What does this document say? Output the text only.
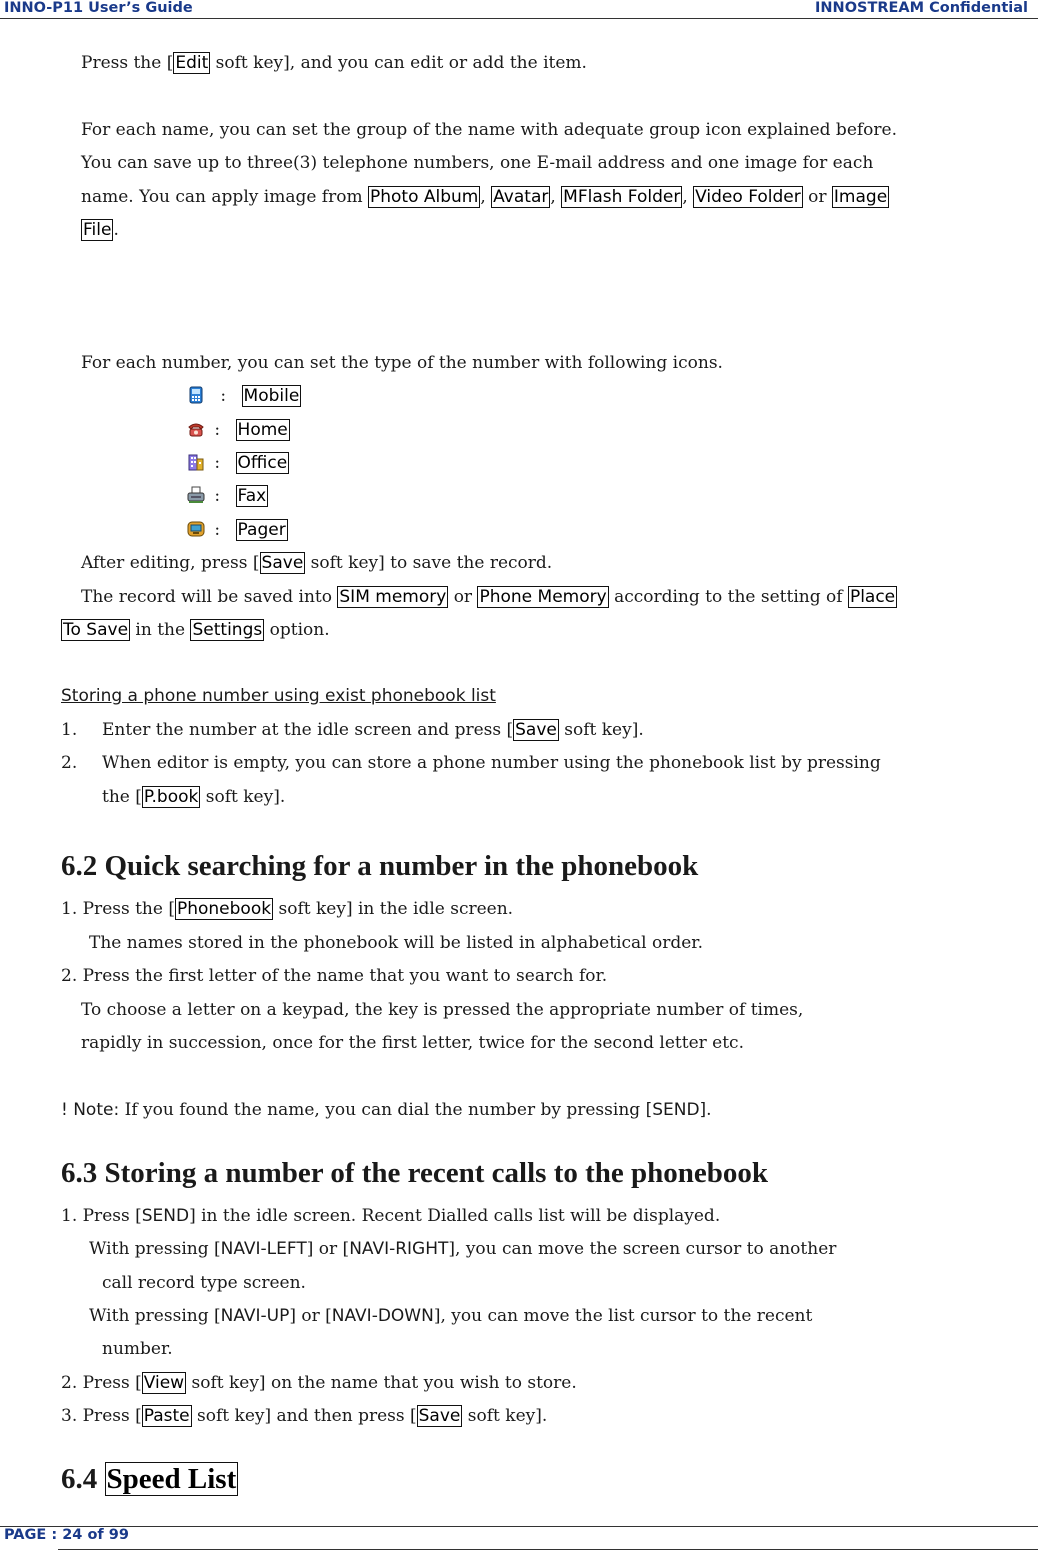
INNO-P11 User’s Guide	INNOSTREAM Confidential
Press the [ Edit soft key], and you can edit or add the item.
For each name, you can set the group of the name with adequate group icon explained before.
You can save up to three(3) telephone numbers, one E-mail address and one image for each
name. You can apply image from Photo Album , Avatar , MFlash Folder , Video Folder or Image
File .
For each number, you can set the type of the number with following icons.
: Mobile
: Home
: Office
: Fax
: Pager
After editing, press [ Save soft key] to save the record.
The record will be saved into SIM memory or Phone Memory according to the setting of Place
To Save in the Settings option.
Storing a phone number using exist phonebook list
1. Enter the number at the idle screen and press [ Save soft key].
2. When editor is empty, you can store a phone number using the phonebook list by pressing
the [ P.book soft key].
6.2 Quick searching for a number in the phonebook
1. Press the [ Phonebook soft key] in the idle screen.
The names stored in the phonebook will be listed in alphabetical order.
2. Press the first letter of the name that you want to search for.
To choose a letter on a keypad, the key is pressed the appropriate number of times,
rapidly in succession, once for the first letter, twice for the second letter etc.
! Note: If you found the name, you can dial the number by pressing [SEND].
6.3 Storing a number of the recent calls to the phonebook
1. Press [SEND] in the idle screen. Recent Dialled calls list will be displayed.
With pressing [NAVI-LEFT] or [NAVI-RIGHT], you can move the screen cursor to another
call record type screen.
With pressing [NAVI-UP] or [NAVI-DOWN], you can move the list cursor to the recent
number.
2. Press [ View soft key] on the name that you wish to store.
3. Press [ Paste soft key] and then press [ Save soft key].
6.4 Speed List
PAGE : 24 of 99
